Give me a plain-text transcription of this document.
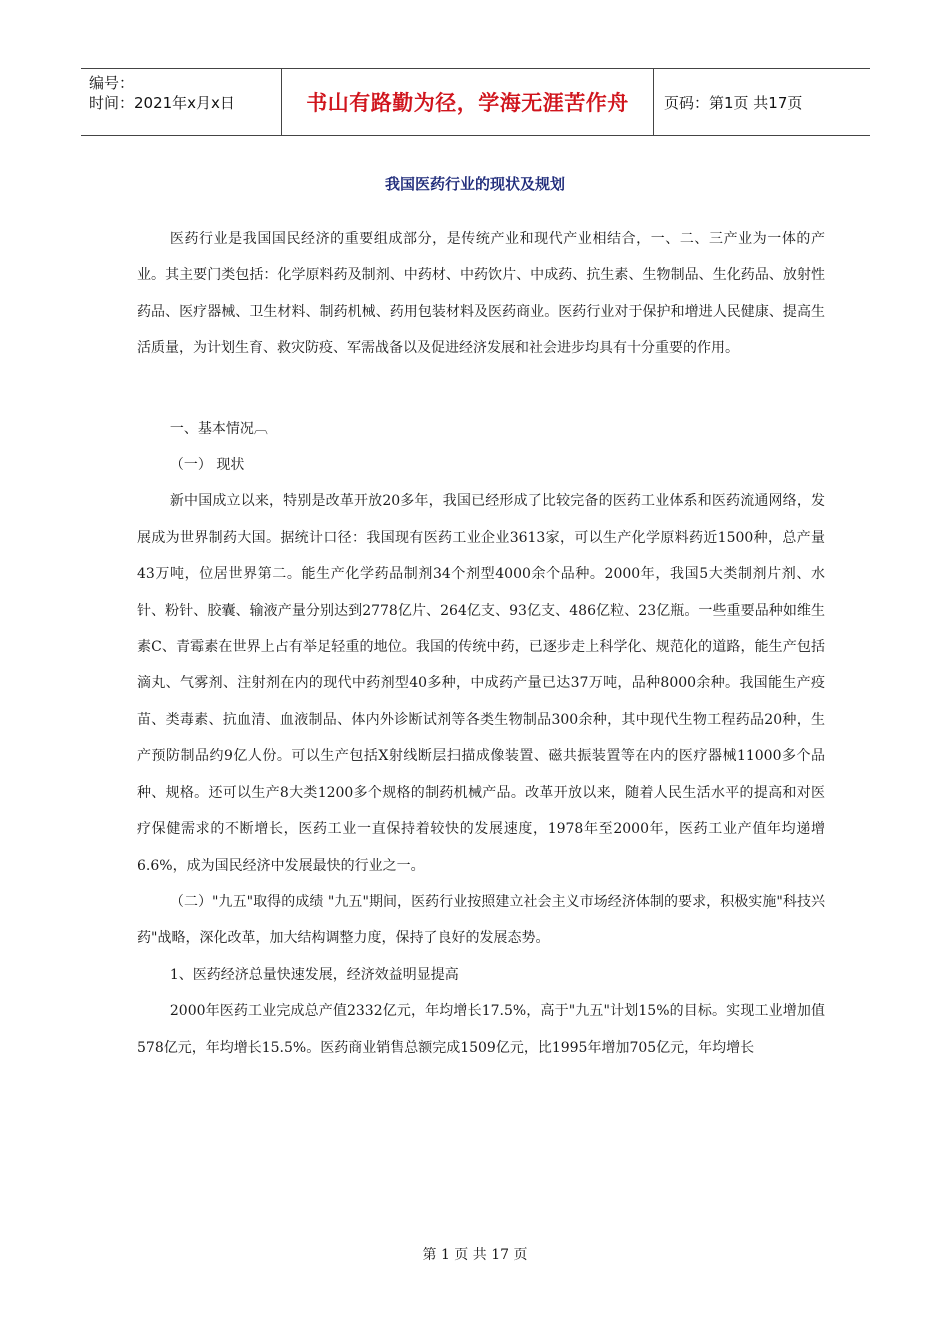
编号：
时间：2021年x月x日	书山有路勤为径，学海无涯苦作舟	页码：第1页 共17页
我国医药行业的现状及规划

医药行业是我国国民经济的重要组成部分，是传统产业和现代产业相结合，一、二、三产业为一体的产业。其主要门类包括：化学原料药及制剂、中药材、中药饮片、中成药、抗生素、生物制品、生化药品、放射性药品、医疗器械、卫生材料、制药机械、药用包装材料及医药商业。医药行业对于保护和增进人民健康、提高生活质量，为计划生育、救灾防疫、军需战备以及促进经济发展和社会进步均具有十分重要的作用。

一、基本情况︹

（一） 现状

新中国成立以来，特别是改革开放20多年，我国已经形成了比较完备的医药工业体系和医药流通网络，发展成为世界制药大国。据统计口径：我国现有医药工业企业3613家，可以生产化学原料药近1500种，总产量43万吨，位居世界第二。能生产化学药品制剂34个剂型4000余个品种。2000年，我国5大类制剂片剂、水针、粉针、胶囊、输液产量分别达到2778亿片、264亿支、93亿支、486亿粒、23亿瓶。一些重要品种如维生素C、青霉素在世界上占有举足轻重的地位。我国的传统中药，已逐步走上科学化、规范化的道路，能生产包括滴丸、气雾剂、注射剂在内的现代中药剂型40多种，中成药产量已达37万吨，品种8000余种。我国能生产疫苗、类毒素、抗血清、血液制品、体内外诊断试剂等各类生物制品300余种，其中现代生物工程药品20种，生产预防制品约9亿人份。可以生产包括X射线断层扫描成像装置、磁共振装置等在内的医疗器械11000多个品种、规格。还可以生产8大类1200多个规格的制药机械产品。改革开放以来，随着人民生活水平的提高和对医疗保健需求的不断增长，医药工业一直保持着较快的发展速度，1978年至2000年，医药工业产值年均递增6.6%，成为国民经济中发展最快的行业之一。

（二）"九五"取得的成绩 "九五"期间，医药行业按照建立社会主义市场经济体制的要求，积极实施"科技兴药"战略，深化改革，加大结构调整力度，保持了良好的发展态势。

1、医药经济总量快速发展，经济效益明显提高

2000年医药工业完成总产值2332亿元，年均增长17.5%，高于"九五"计划15%的目标。实现工业增加值578亿元，年均增长15.5%。医药商业销售总额完成1509亿元，比1995年增加705亿元，年均增长

第 1 页 共 17 页
